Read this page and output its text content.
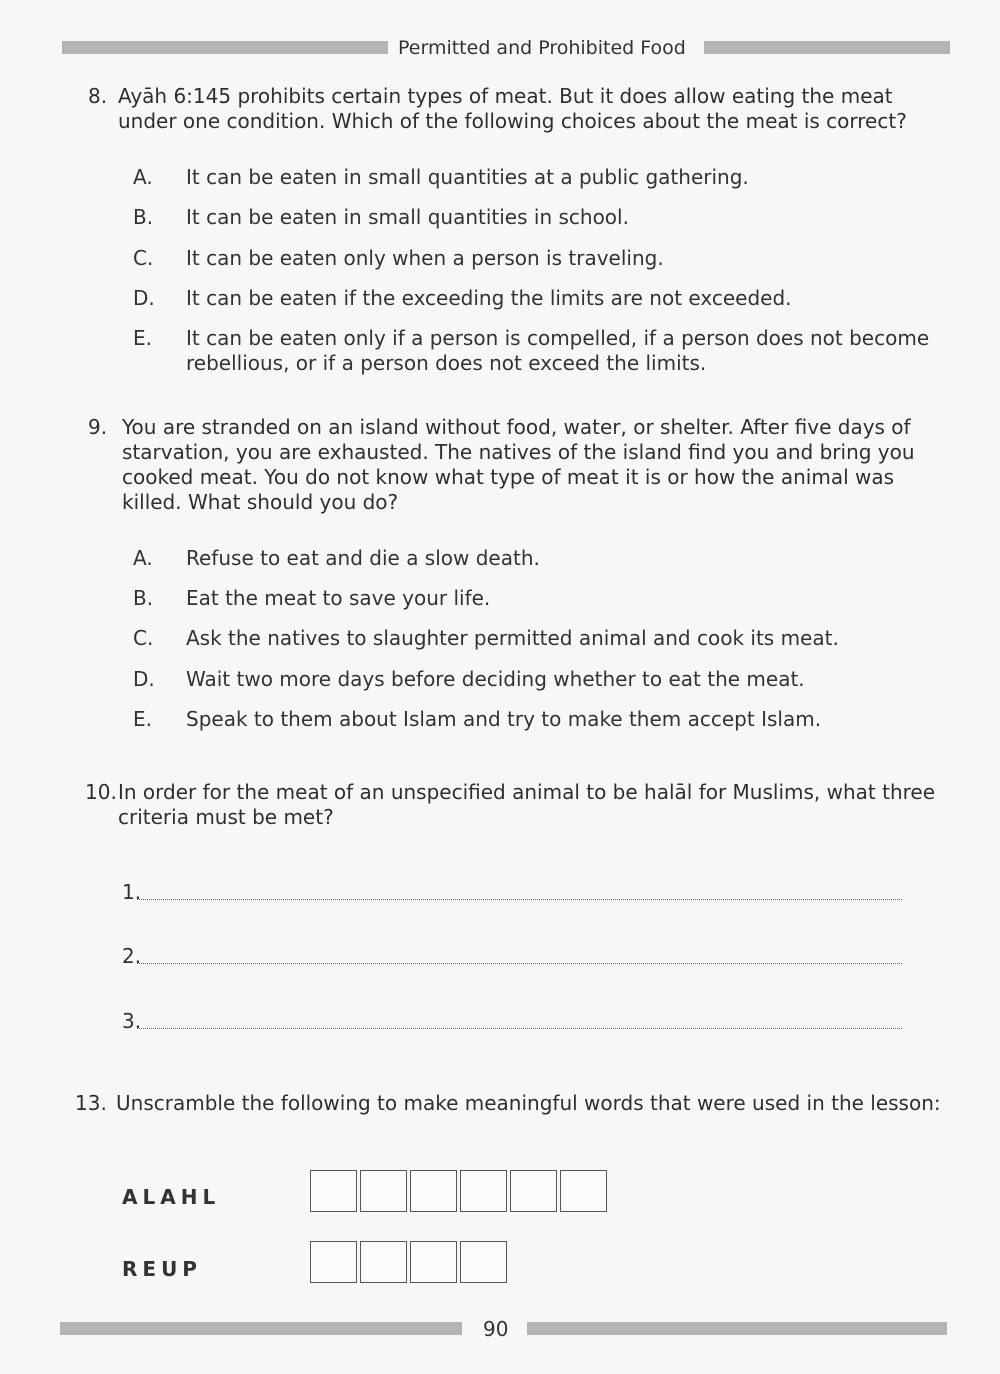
Permitted and Prohibited Food
8. Ayāh 6:145 prohibits certain types of meat. But it does allow eating the meat under one condition. Which of the following choices about the meat is correct?
A. It can be eaten in small quantities at a public gathering.
B. It can be eaten in small quantities in school.
C. It can be eaten only when a person is traveling.
D. It can be eaten if the exceeding the limits are not exceeded.
E. It can be eaten only if a person is compelled, if a person does not become
rebellious, or if a person does not exceed the limits.
9. You are stranded on an island without food, water, or shelter. After five days of starvation, you are exhausted. The natives of the island find you and bring you cooked meat. You do not know what type of meat it is or how the animal was killed. What should you do?
A. Refuse to eat and die a slow death.
B. Eat the meat to save your life.
C. Ask the natives to slaughter permitted animal and cook its meat.
D. Wait two more days before deciding whether to eat the meat.
E. Speak to them about Islam and try to make them accept Islam.
10. In order for the meat of an unspecified animal to be halāl for Muslims, what three criteria must be met?
1.
2.
3.
13. Unscramble the following to make meaningful words that were used in the lesson:
ALAHL
REUP
90
